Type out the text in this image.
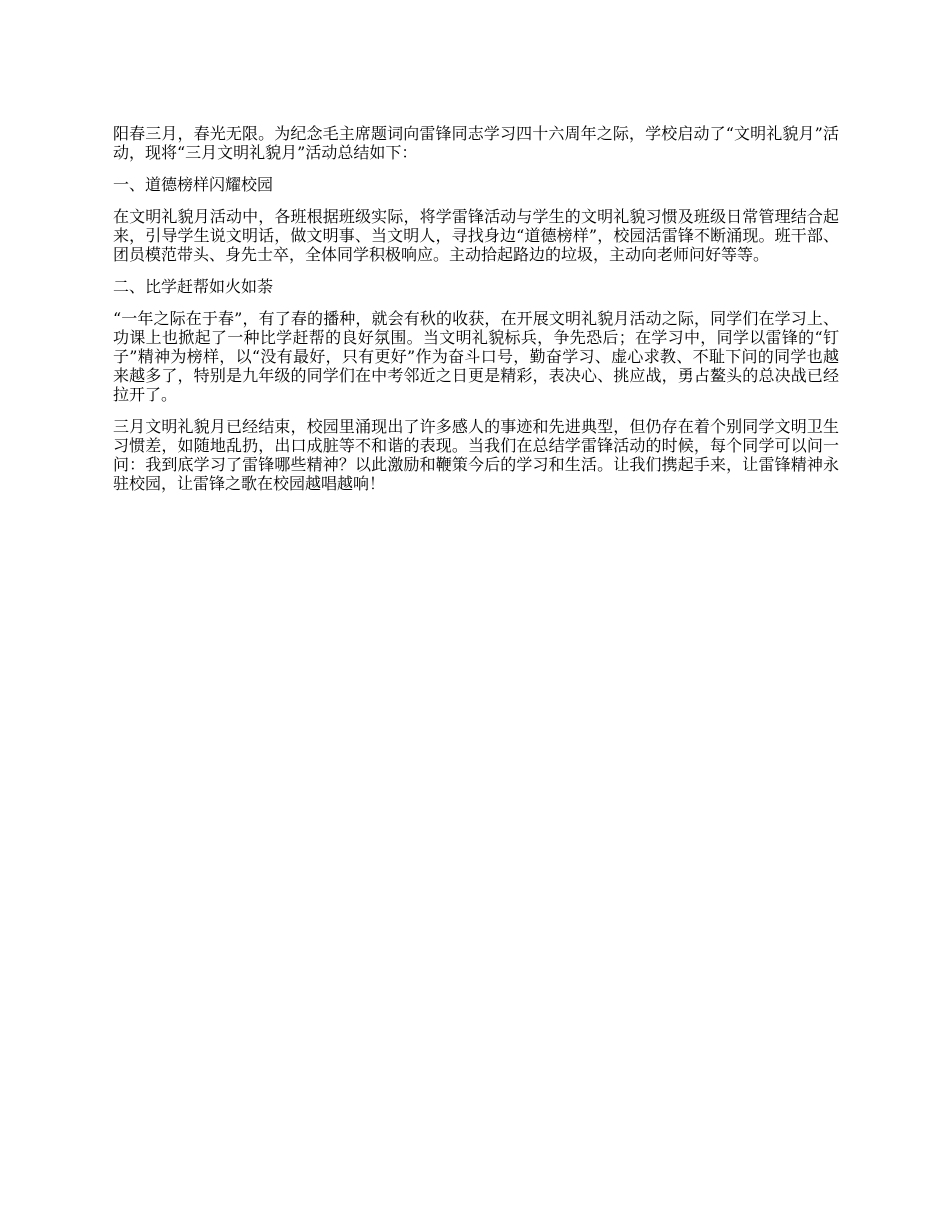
阳春三月，春光无限。为纪念毛主席题词向雷锋同志学习四十六周年之际，学校启动了“文明礼貌月”活动，现将“三月文明礼貌月”活动总结如下：

一、道德榜样闪耀校园

在文明礼貌月活动中，各班根据班级实际，将学雷锋活动与学生的文明礼貌习惯及班级日常管理结合起来，引导学生说文明话，做文明事、当文明人，寻找身边“道德榜样”，校园活雷锋不断涌现。班干部、团员模范带头、身先士卒，全体同学积极响应。主动拾起路边的垃圾，主动向老师问好等等。

二、比学赶帮如火如荼

“一年之际在于春”，有了春的播种，就会有秋的收获，在开展文明礼貌月活动之际，同学们在学习上、功课上也掀起了一种比学赶帮的良好氛围。当文明礼貌标兵，争先恐后；在学习中，同学以雷锋的“钉子”精神为榜样，以“没有最好，只有更好”作为奋斗口号，勤奋学习、虚心求教、不耻下问的同学也越来越多了，特别是九年级的同学们在中考邻近之日更是精彩，表决心、挑应战，勇占鳌头的总决战已经拉开了。

三月文明礼貌月已经结束，校园里涌现出了许多感人的事迹和先进典型，但仍存在着个别同学文明卫生习惯差，如随地乱扔，出口成脏等不和谐的表现。当我们在总结学雷锋活动的时候，每个同学可以问一问：我到底学习了雷锋哪些精神？以此激励和鞭策今后的学习和生活。让我们携起手来，让雷锋精神永驻校园，让雷锋之歌在校园越唱越响！
